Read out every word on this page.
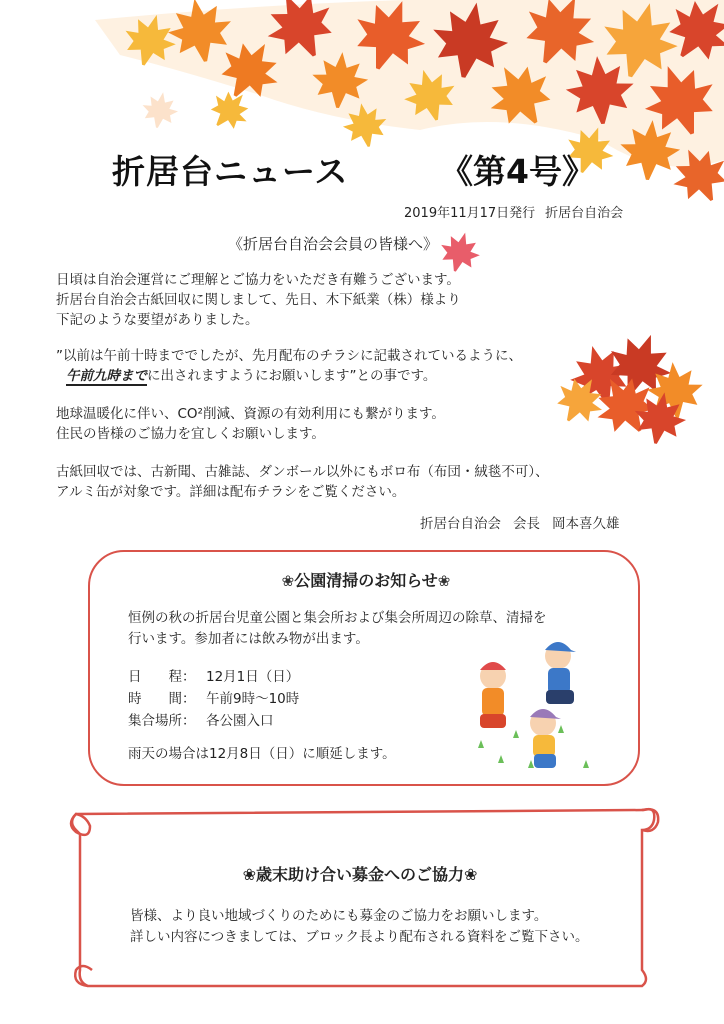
折居台ニュース	《第4号》
2019年11月17日発行 折居台自治会
《折居台自治会会員の皆様へ》
日頃は自治会運営にご理解とご協力をいただき有難うございます。
折居台自治会古紙回収に関しまして、先日、木下紙業（株）様より
下記のような要望がありました。
”以前は午前十時まででしたが、先月配布のチラシに記載されているように、
午前九時までに出されますようにお願いします”との事です。
地球温暖化に伴い、CO²削減、資源の有効利用にも繋がります。
住民の皆様のご協力を宜しくお願いします。
古紙回収では、古新聞、古雑誌、ダンボール以外にもボロ布（布団・絨毯不可）、
アルミ缶が対象です。詳細は配布チラシをご覧ください。
折居台自治会 会長 岡本喜久雄
❀公園清掃のお知らせ❀
恒例の秋の折居台児童公園と集会所および集会所周辺の除草、清掃を
行います。参加者には飲み物が出ます。
日　　程： 12月1日（日）
時　　間： 午前9時～10時
集合場所： 各公園入口
雨天の場合は12月8日（日）に順延します。
❀歳末助け合い募金へのご協力❀
皆様、より良い地域づくりのためにも募金のご協力をお願いします。
詳しい内容につきましては、ブロック長より配布される資料をご覧下さい。
